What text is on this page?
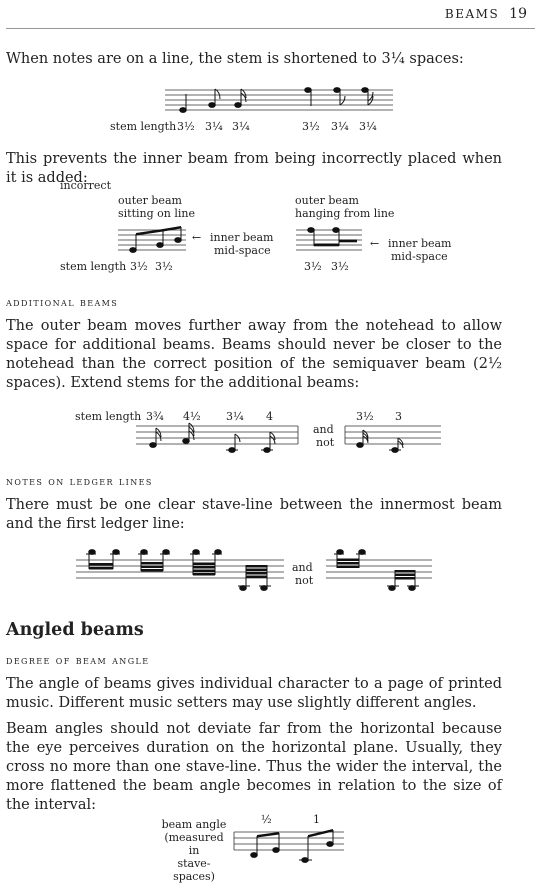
BEAMS 19

When notes are on a line, the stem is shortened to 3¼ spaces:

stem length 3½ 3¼ 3¼	3½ 3¼ 3¼

This prevents the inner beam from being incorrectly placed when it is added:

incorrect
outer beam
sitting on line
outer beam
hanging from line
← inner beam
mid-space
← inner beam
mid-space
stem length 3½ 3½	3½ 3½
additional beams

The outer beam moves further away from the notehead to allow space for additional beams. Beams should never be closer to the notehead than the correct position of the semiquaver beam (2½ spaces). Extend stems for the additional beams:

stem length 3¾ 4½ 3¼ 4	3½ 3
and
not
notes on ledger lines

There must be one clear stave-line between the innermost beam and the first ledger line:

and
not
Angled beams
degree of beam angle

The angle of beams gives individual character to a page of printed music. Different music setters may use slightly different angles.

Beam angles should not deviate far from the horizontal because the eye perceives duration on the horizontal plane. Usually, they cross no more than one stave-line. Thus the wider the interval, the more flattened the beam angle becomes in relation to the size of the interval:

beam angle
(measured in
stave-spaces)
½	1
